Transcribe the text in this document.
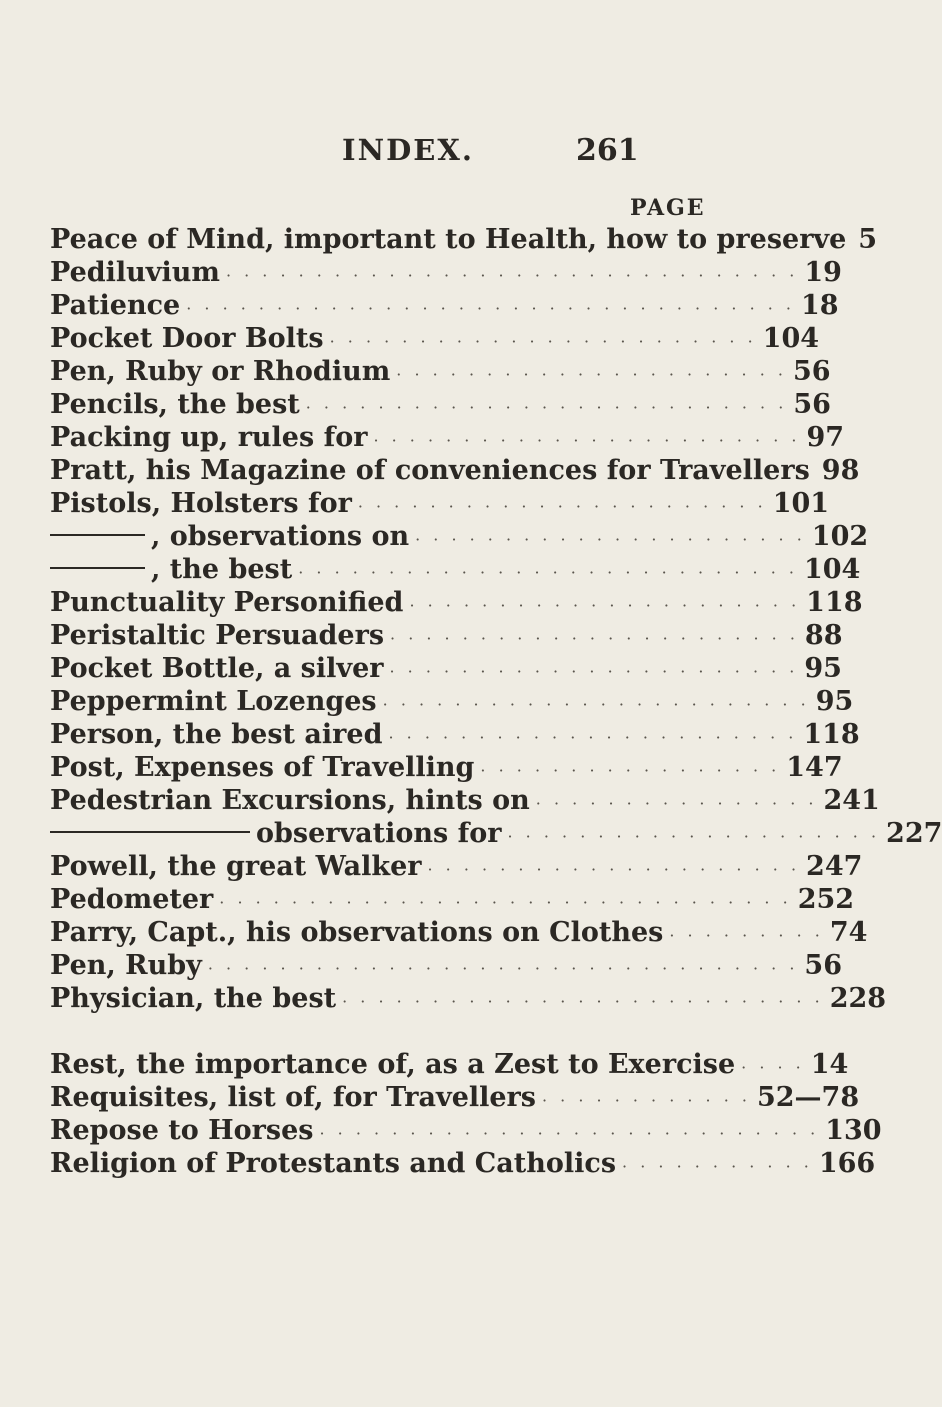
INDEX.	261
PAGE
Peace of Mind, important to Health, how to preserve 5
Pediluvium · · · · · · · · · · · · · · · · · · · · · · · · · · · · · · · · 19
Patience · · · · · · · · · · · · · · · · · · · · · · · · · · · · · · · · · · 18
Pocket Door Bolts · · · · · · · · · · · · · · · · · · · · · · · · 104
Pen, Ruby or Rhodium · · · · · · · · · · · · · · · · · · · · · · 56
Pencils, the best · · · · · · · · · · · · · · · · · · · · · · · · · · · 56
Packing up, rules for · · · · · · · · · · · · · · · · · · · · · · · · 97
Pratt, his Magazine of conveniences for Travellers 98
Pistols, Holsters for · · · · · · · · · · · · · · · · · · · · · · · 101
, observations on · · · · · · · · · · · · · · · · · · · · · · 102
, the best · · · · · · · · · · · · · · · · · · · · · · · · · · · · 104
Punctuality Personified · · · · · · · · · · · · · · · · · · · · · · 118
Peristaltic Persuaders · · · · · · · · · · · · · · · · · · · · · · · 88
Pocket Bottle, a silver · · · · · · · · · · · · · · · · · · · · · · · 95
Peppermint Lozenges · · · · · · · · · · · · · · · · · · · · · · · · 95
Person, the best aired · · · · · · · · · · · · · · · · · · · · · · · 118
Post, Expenses of Travelling · · · · · · · · · · · · · · · · · 147
Pedestrian Excursions, hints on · · · · · · · · · · · · · · · · 241
observations for · · · · · · · · · · · · · · · · · · · · · 227
Powell, the great Walker · · · · · · · · · · · · · · · · · · · · · 247
Pedometer · · · · · · · · · · · · · · · · · · · · · · · · · · · · · · · · 252
Parry, Capt., his observations on Clothes · · · · · · · · · 74
Pen, Ruby · · · · · · · · · · · · · · · · · · · · · · · · · · · · · · · · · 56
Physician, the best · · · · · · · · · · · · · · · · · · · · · · · · · · · 228
Rest, the importance of, as a Zest to Exercise · · · · 14
Requisites, list of, for Travellers · · · · · · · · · · · · 52—78
Repose to Horses · · · · · · · · · · · · · · · · · · · · · · · · · · · · 130
Religion of Protestants and Catholics · · · · · · · · · · · 166
